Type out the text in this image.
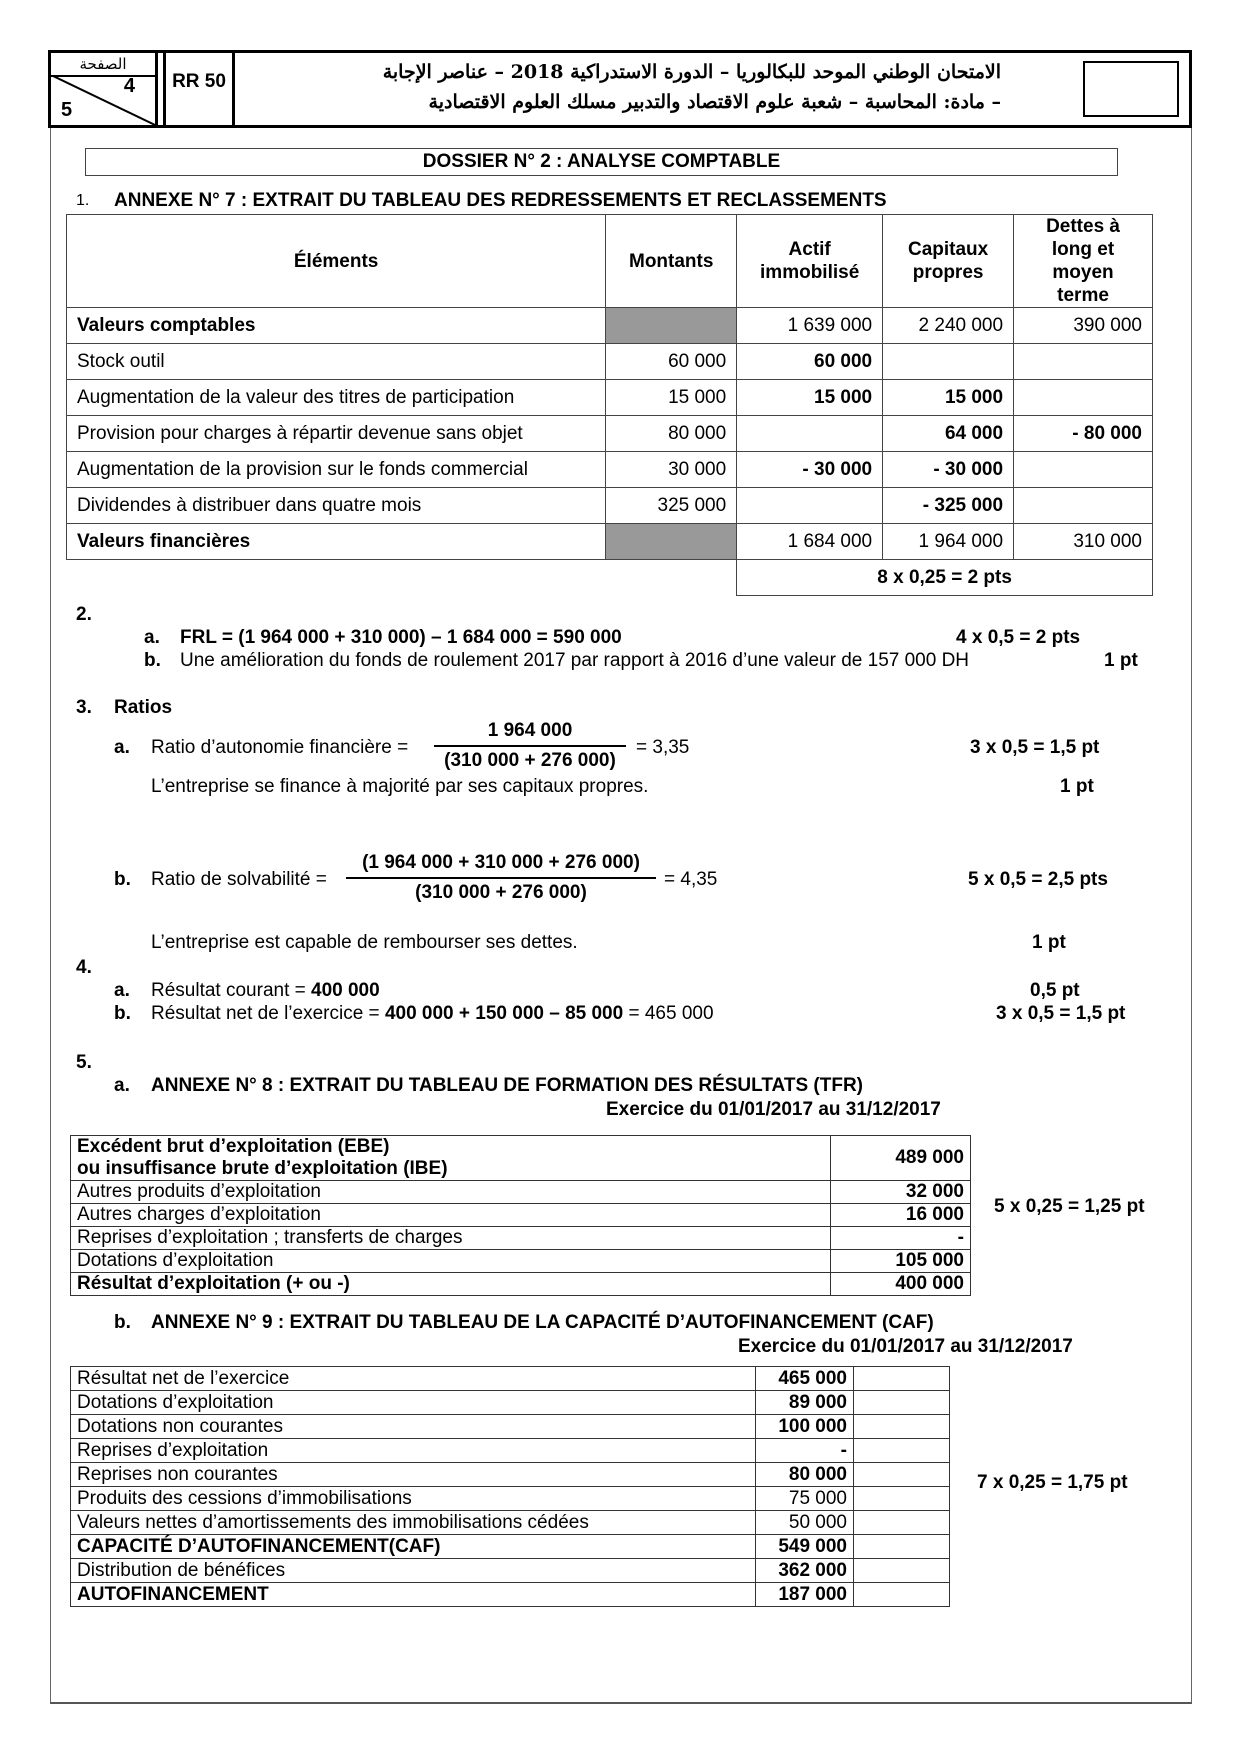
الصفحة
4
5
RR 50	الامتحان الوطني الموحد للبكالوريا – الدورة الاستدراكية 2018 – عناصر الإجابة
– مادة: المحاسبة – شعبة علوم الاقتصاد والتدبير مسلك العلوم الاقتصادية
DOSSIER N° 2 : ANALYSE COMPTABLE
1. ANNEXE N° 7 : EXTRAIT DU TABLEAU DES REDRESSEMENTS ET RECLASSEMENTS
Éléments	Montants	Actif immobilisé	Capitaux propres	Dettes à long et moyen terme
Valeurs comptables		1 639 000	2 240 000	390 000
Stock outil	60 000	60 000		
Augmentation de la valeur des titres de participation	15 000	15 000	15 000	
Provision pour charges à répartir devenue sans objet	80 000		64 000	- 80 000
Augmentation de la provision sur le fonds commercial	30 000	- 30 000	- 30 000	
Dividendes à distribuer dans quatre mois	325 000		- 325 000	
Valeurs financières		1 684 000	1 964 000	310 000
		8 x 0,25 = 2 pts		
2.
a. FRL = (1 964 000 + 310 000) – 1 684 000 = 590 000	4 x 0,5 = 2 pts
b. Une amélioration du fonds de roulement 2017 par rapport à 2016 d’une valeur de 157 000 DH	1 pt
3. Ratios
a. Ratio d’autonomie financière =
1 964 000
(310 000 + 276 000)
= 3,35	3 x 0,5 = 1,5 pt
L’entreprise se finance à majorité par ses capitaux propres.	1 pt
b. Ratio de solvabilité =
(1 964 000 + 310 000 + 276 000)
(310 000 + 276 000)
= 4,35	5 x 0,5 = 2,5 pts
L’entreprise est capable de rembourser ses dettes.	1 pt
4.
a. Résultat courant = 400 000	0,5 pt
b. Résultat net de l’exercice = 400 000 + 150 000 – 85 000 = 465 000	3 x 0,5 = 1,5 pt
5.
a. ANNEXE N° 8 : EXTRAIT DU TABLEAU DE FORMATION DES RÉSULTATS (TFR)
Exercice du 01/01/2017 au 31/12/2017
Excédent brut d’exploitation (EBE)
ou insuffisance brute d’exploitation (IBE)	489 000
Autres produits d’exploitation	32 000
Autres charges d’exploitation	16 000
Reprises d’exploitation ; transferts de charges	-
Dotations d’exploitation	105 000
Résultat d’exploitation (+ ou -)	400 000
5 x 0,25 = 1,25 pt
b. ANNEXE N° 9 : EXTRAIT DU TABLEAU DE LA CAPACITÉ D’AUTOFINANCEMENT (CAF)
Exercice du 01/01/2017 au 31/12/2017
Résultat net de l’exercice	465 000	
Dotations d’exploitation	89 000	
Dotations non courantes	100 000	
Reprises d’exploitation	-	
Reprises non courantes	80 000	
Produits des cessions d’immobilisations	75 000	
Valeurs nettes d’amortissements des immobilisations cédées	50 000	
CAPACITÉ D’AUTOFINANCEMENT(CAF)	549 000	
Distribution de bénéfices	362 000	
AUTOFINANCEMENT	187 000	
7 x 0,25 = 1,75 pt
